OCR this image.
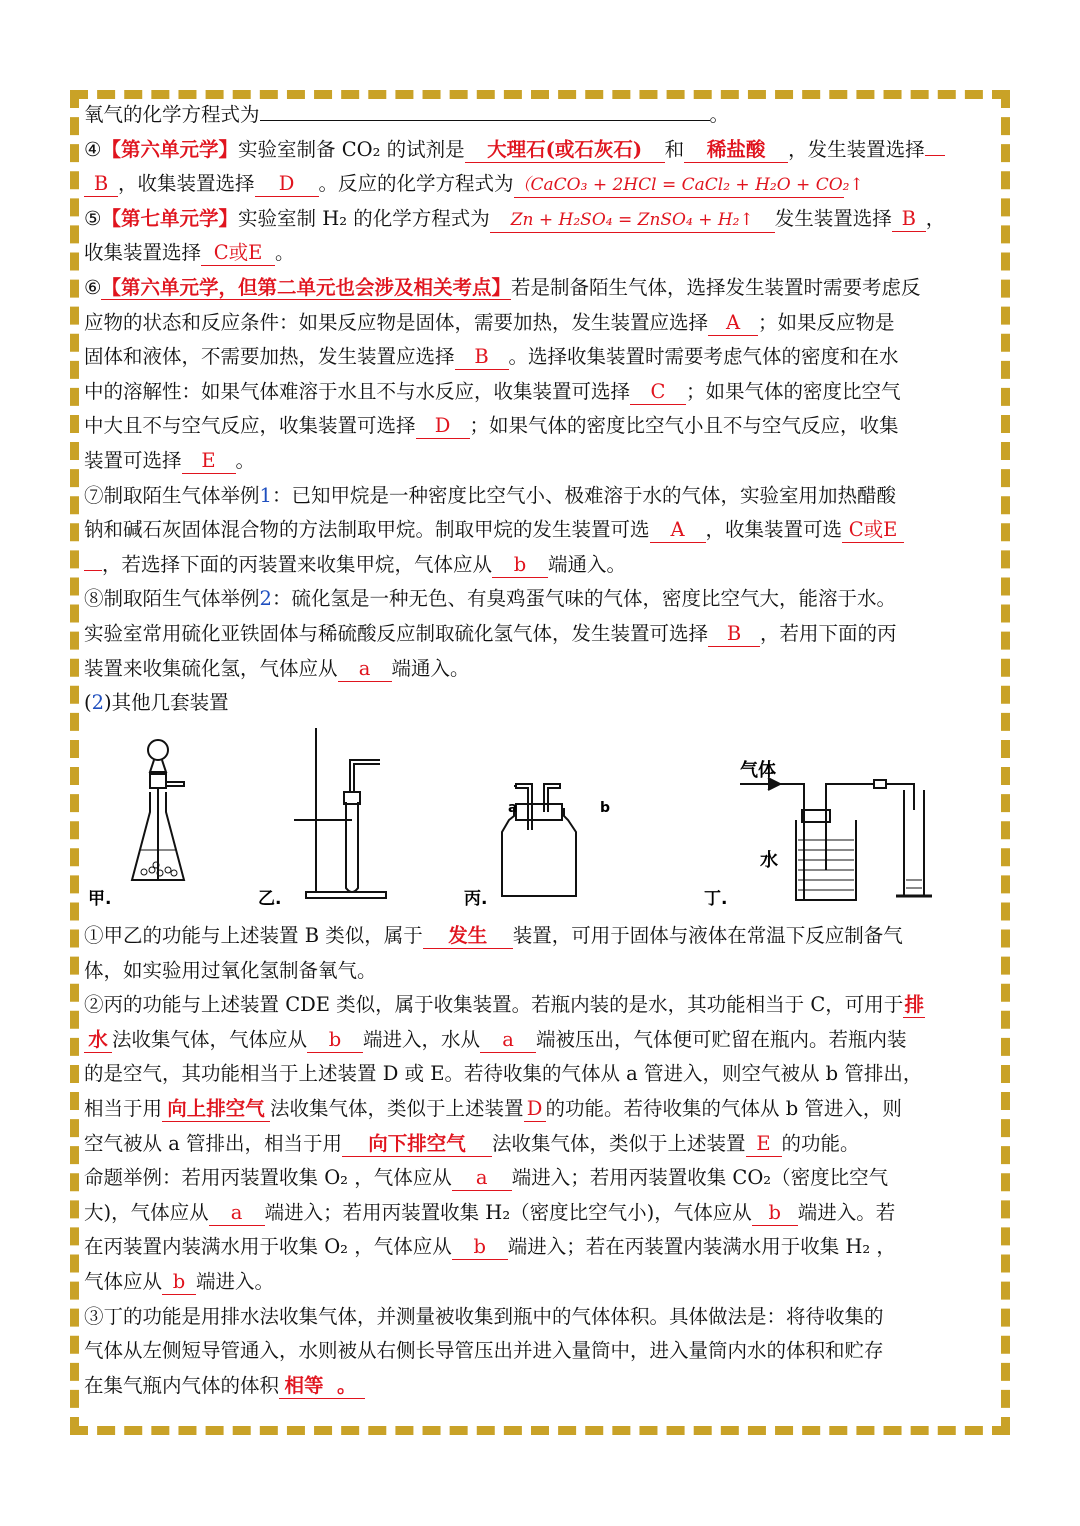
氧气的化学方程式为	。
④【第六单元学】实验室制备 CO₂ 的试剂是 大理石(或石灰石) 和 稀盐酸 ，发生装置选择
B ，收集装置选择 D 。反应的化学方程式为（CaCO₃ + 2HCl = CaCl₂ + H₂O + CO₂↑
⑤【第七单元学】实验室制 H₂ 的化学方程式为 Zn + H₂SO₄ = ZnSO₄ + H₂↑ 发生装置选择 B ，
收集装置选择 C或E 。
⑥【第六单元学，但第二单元也会涉及相关考点】若是制备陌生气体，选择发生装置时需要考虑反
应物的状态和反应条件：如果反应物是固体，需要加热，发生装置应选择 A ；如果反应物是
固体和液体，不需要加热，发生装置应选择 B 。选择收集装置时需要考虑气体的密度和在水
中的溶解性：如果气体难溶于水且不与水反应，收集装置可选择 C ；如果气体的密度比空气
中大且不与空气反应，收集装置可选择 D ；如果气体的密度比空气小且不与空气反应，收集
装置可选择 E 。
⑦制取陌生气体举例1：已知甲烷是一种密度比空气小、极难溶于水的气体，实验室用加热醋酸
钠和碱石灰固体混合物的方法制取甲烷。制取甲烷的发生装置可选 A ，收集装置可选 C或E
，若选择下面的丙装置来收集甲烷，气体应从 b 端通入。
⑧制取陌生气体举例2：硫化氢是一种无色、有臭鸡蛋气味的气体，密度比空气大，能溶于水。
实验室常用硫化亚铁固体与稀硫酸反应制取硫化氢气体，发生装置可选择 B ，若用下面的丙
装置来收集硫化氢，气体应从 a 端通入。
(2)其他几套装置
甲.	乙.
a	b
丙.
气体
水
丁.
①甲乙的功能与上述装置 B 类似，属于 发生 装置，可用于固体与液体在常温下反应制备气
体，如实验用过氧化氢制备氧气。
②丙的功能与上述装置 CDE 类似，属于收集装置。若瓶内装的是水，其功能相当于 C，可用于排
水 法收集气体，气体应从 b 端进入，水从 a 端被压出，气体便可贮留在瓶内。若瓶内装
的是空气，其功能相当于上述装置 D 或 E。若待收集的气体从 a 管进入，则空气被从 b 管排出，
相当于用 向上排空气 法收集气体，类似于上述装置 D 的功能。若待收集的气体从 b 管进入，则
空气被从 a 管排出，相当于用 向下排空气 法收集气体，类似于上述装置 E 的功能。
命题举例：若用丙装置收集 O₂ ，气体应从 a 端进入；若用丙装置收集 CO₂（密度比空气
大)，气体应从 a 端进入；若用丙装置收集 H₂（密度比空气小)，气体应从 b 端进入。若
在丙装置内装满水用于收集 O₂ ，气体应从 b 端进入；若在丙装置内装满水用于收集 H₂ ，
气体应从 b 端进入。
③丁的功能是用排水法收集气体，并测量被收集到瓶中的气体体积。具体做法是：将待收集的
气体从左侧短导管通入，水则被从右侧长导管压出并进入量筒中，进入量筒内水的体积和贮存
在集气瓶内气体的体积 相等 。
